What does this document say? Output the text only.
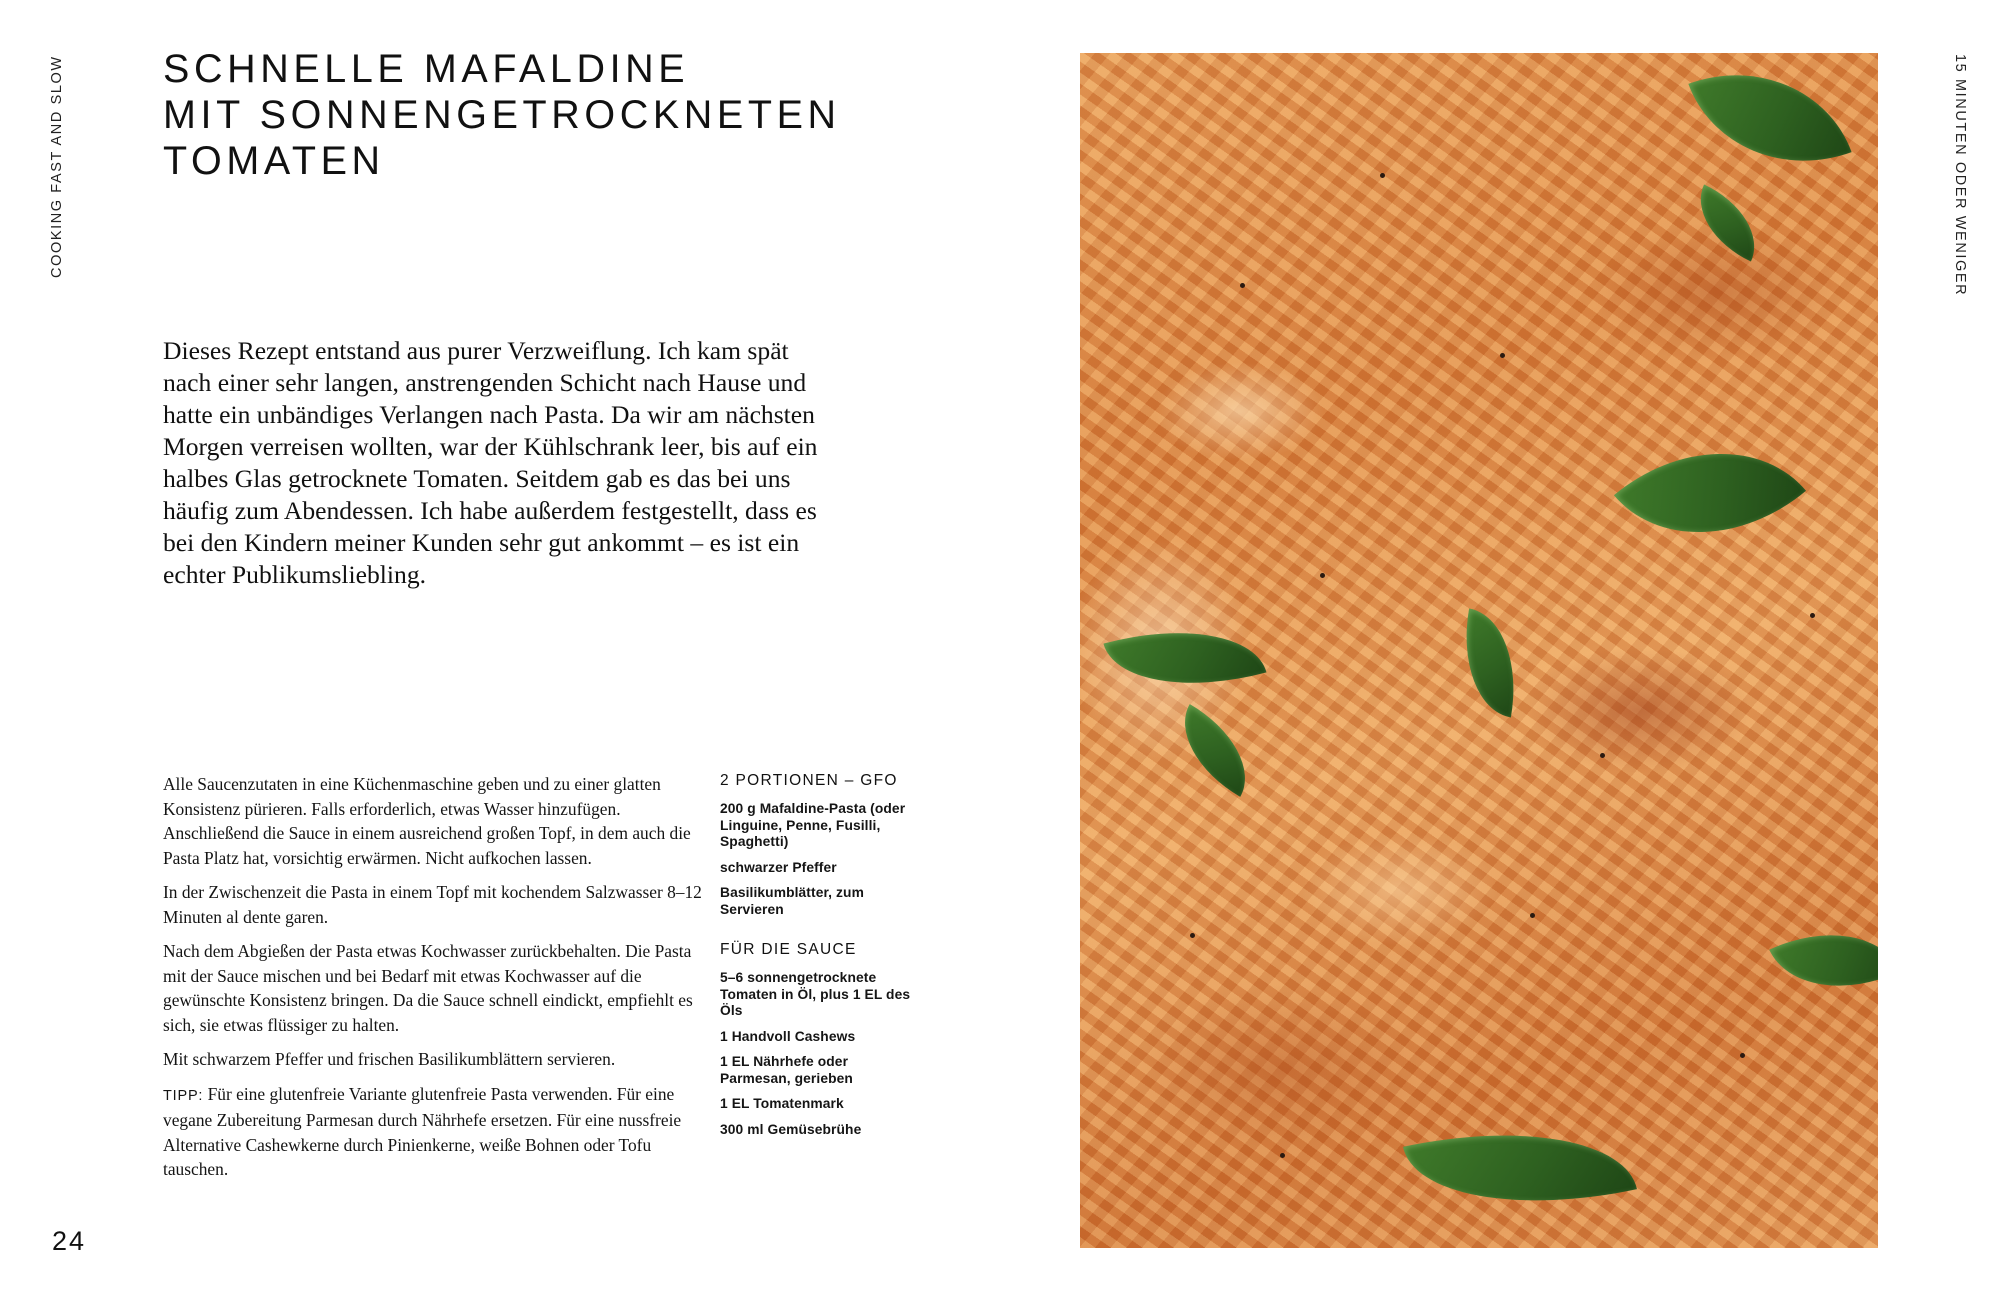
COOKING FAST AND SLOW	15 MINUTEN ODER WENIGER
24
SCHNELLE MAFALDINE
MIT SONNENGETROCKNETEN
TOMATEN

Dieses Rezept entstand aus purer Verzweiflung. Ich kam spät nach einer sehr langen, anstrengenden Schicht nach Hause und hatte ein unbändiges Verlangen nach Pasta. Da wir am nächsten Morgen verreisen wollten, war der Kühlschrank leer, bis auf ein halbes Glas getrocknete Tomaten. Seitdem gab es das bei uns häufig zum Abendessen. Ich habe außerdem festgestellt, dass es bei den Kindern meiner Kunden sehr gut ankommt – es ist ein echter Publikumsliebling.

Alle Saucenzutaten in eine Küchenmaschine geben und zu einer glatten Konsistenz pürieren. Falls erforderlich, etwas Wasser hinzufügen. Anschließend die Sauce in einem ausreichend großen Topf, in dem auch die Pasta Platz hat, vorsichtig erwärmen. Nicht aufkochen lassen.

In der Zwischenzeit die Pasta in einem Topf mit kochendem Salzwasser 8–12 Minuten al dente garen.

Nach dem Abgießen der Pasta etwas Kochwasser zurückbehalten. Die Pasta mit der Sauce mischen und bei Bedarf mit etwas Kochwasser auf die gewünschte Konsistenz bringen. Da die Sauce schnell eindickt, empfiehlt es sich, sie etwas flüssiger zu halten.

Mit schwarzem Pfeffer und frischen Basilikumblättern servieren.

TIPP: Für eine glutenfreie Variante glutenfreie Pasta verwenden. Für eine vegane Zubereitung Parmesan durch Nährhefe ersetzen. Für eine nussfreie Alternative Cashewkerne durch Pinienkerne, weiße Bohnen oder Tofu tauschen.

2 PORTIONEN – GFO
200 g Mafaldine-Pasta (oder Linguine, Penne, Fusilli, Spaghetti)
schwarzer Pfeffer
Basilikumblätter, zum Servieren
FÜR DIE SAUCE
5–6 sonnengetrocknete Tomaten in Öl, plus 1 EL des Öls
1 Handvoll Cashews
1 EL Nährhefe oder Parmesan, gerieben
1 EL Tomatenmark
300 ml Gemüsebrühe
